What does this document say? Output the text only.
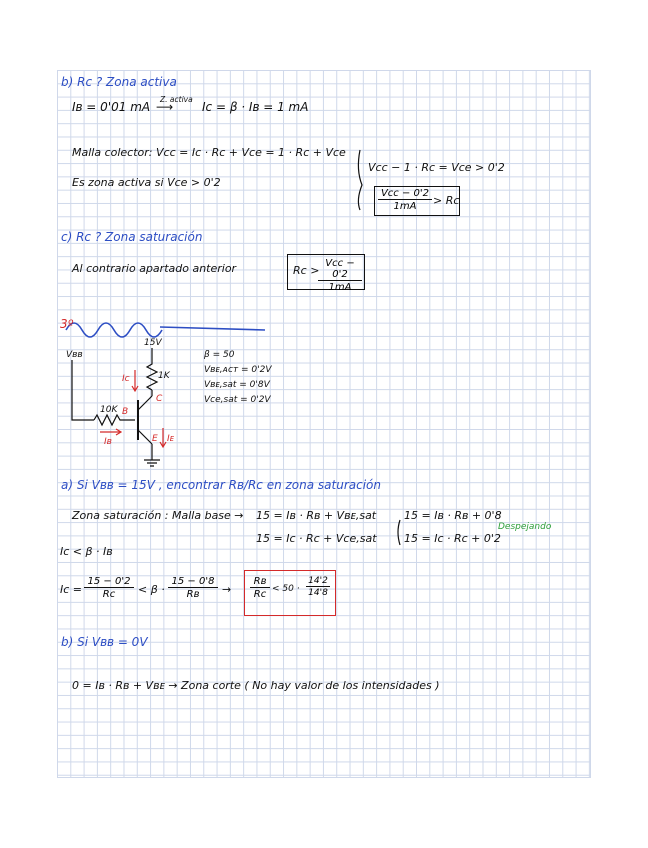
b) Rc ? Zona activa
Iʙ = 0'01 mA
Z. activa
⟶ Ic = β · Iʙ = 1 mA
Malla colector: Vcc = Ic · Rc + Vce = 1 · Rc + Vce
Es zona activa si Vce > 0'2
Vcc − 1 · Rc = Vce > 0'2
Vcc − 0'2
1mA	> Rc
c) Rc ? Zona saturación
Al contrario apartado anterior	Rc >
Vcc − 0'2
1mA
3º
Vʙʙ
15V
1K
10K
Ic
B
C
E
Iʙ	Iᴇ
β = 50
Vʙᴇ,ᴀᴄᴛ = 0'2V
Vʙᴇ,sat = 0'8V
Vce,sat = 0'2V
a) Si Vʙʙ = 15V , encontrar Rʙ/Rc en zona saturación
Zona saturación : Malla base → 15 = Iʙ · Rʙ + Vʙᴇ,sat
15 = Ic · Rc + Vce,sat
15 = Iʙ · Rʙ + 0'8
15 = Ic · Rc + 0'2
Despejando
Ic < β · Iʙ
$Ic = \frac{15 - 0'2}{Rc} < \beta \cdot \frac{15 - 0'8}{\text{Rʙ}} \to \frac{\text{Rʙ}}{Rc} < 50 \cdot \frac{14'2}{14'8}$
b) Si Vʙʙ = 0V
0 = Iʙ · Rʙ + Vʙᴇ → Zona corte ( No hay valor de los intensidades )
